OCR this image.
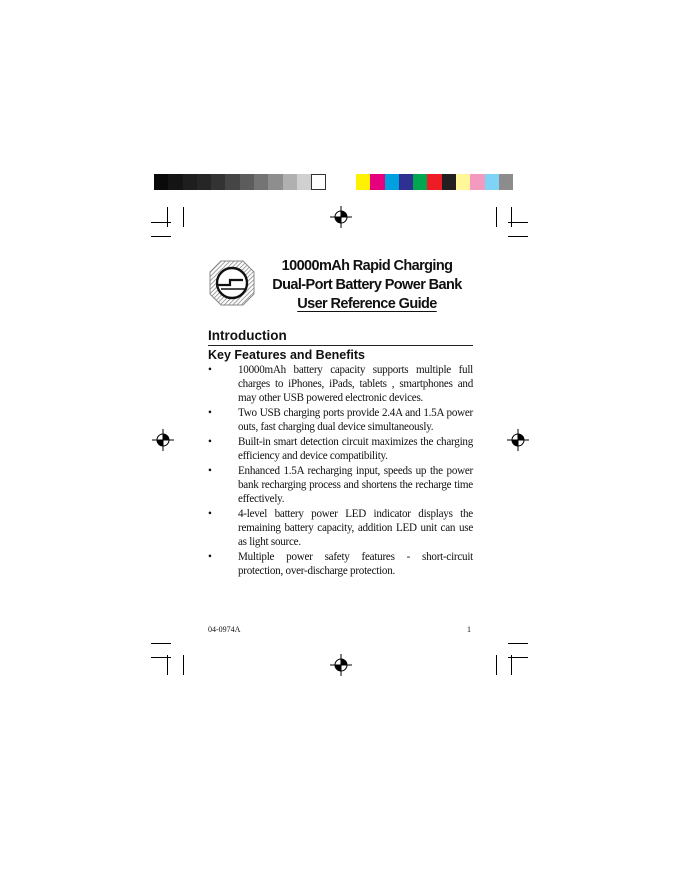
10000mAh Rapid Charging
Dual-Port Battery Power Bank
User Reference Guide
Introduction
Key Features and Benefits
• 10000mAh battery capacity supports multiple full charges to iPhones, iPads, tablets , smartphones and may other USB powered electronic devices.
• Two USB charging ports provide 2.4A and 1.5A power outs, fast charging dual device simultaneously.
• Built-in smart detection circuit maximizes the charging efficiency and device compatibility.
• Enhanced 1.5A recharging input, speeds up the power bank recharging process and shortens the recharge time effectively.
• 4-level battery power LED indicator displays the remaining battery capacity, addition LED unit can use as light source.
• Multiple power safety features - short-circuit protection, over-discharge protection.
04-0974A	1
